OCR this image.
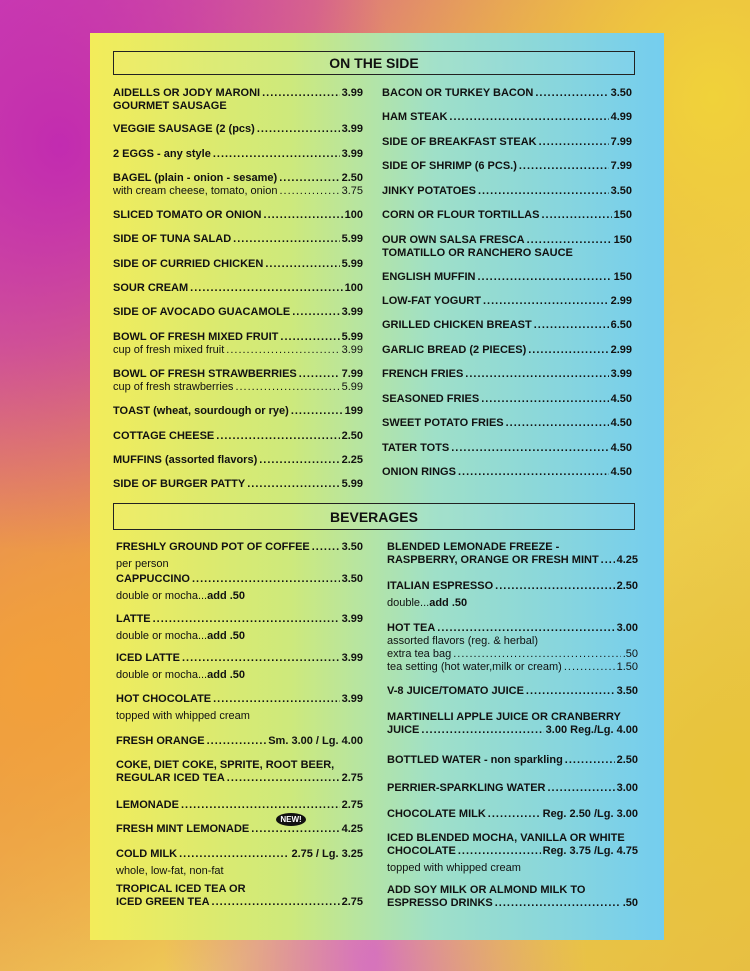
ON THE SIDE
BEVERAGES
AIDELLS OR JODY MARONI .....	3.99
GOURMET SAUSAGE
VEGGIE SAUSAGE (2 (pcs) .....	3.99
2 EGGS - any style .....	3.99
BAGEL (plain - onion - sesame) .....	2.50
with cream cheese, tomato, onion .....	3.75
SLICED TOMATO OR ONION .....	100
SIDE OF TUNA SALAD .....	5.99
SIDE OF CURRIED CHICKEN .....	5.99
SOUR CREAM .....	100
SIDE OF AVOCADO GUACAMOLE .....	3.99
BOWL OF FRESH MIXED FRUIT .....	5.99
cup of fresh mixed fruit .....	3.99
BOWL OF FRESH STRAWBERRIES .....	7.99
cup of fresh strawberries .....	5.99
TOAST (wheat, sourdough or rye) .....	199
COTTAGE CHEESE .....	2.50
MUFFINS (assorted flavors) .....	2.25
SIDE OF BURGER PATTY .....	5.99
BACON OR TURKEY BACON .....	3.50
HAM STEAK .....	4.99
SIDE OF BREAKFAST STEAK .....	7.99
SIDE OF SHRIMP (6 PCS.) .....	7.99
JINKY POTATOES .....	3.50
CORN OR FLOUR TORTILLAS .....	150
OUR OWN SALSA FRESCA .....	150
TOMATILLO OR RANCHERO SAUCE
ENGLISH MUFFIN .....	150
LOW-FAT YOGURT .....	2.99
GRILLED CHICKEN BREAST .....	6.50
GARLIC BREAD (2 PIECES) .....	2.99
FRENCH FRIES .....	3.99
SEASONED FRIES .....	4.50
SWEET POTATO FRIES .....	4.50
TATER TOTS .....	4.50
ONION RINGS .....	4.50
FRESHLY GROUND POT OF COFFEE .....	3.50
per person
CAPPUCCINO .....	3.50
double or mocha...add .50
LATTE .....	3.99
double or mocha...add .50
ICED LATTE .....	3.99
double or mocha...add .50
HOT CHOCOLATE .....	3.99
topped with whipped cream
FRESH ORANGE .....	Sm. 3.00 / Lg. 4.00
COKE, DIET COKE, SPRITE, ROOT BEER,
REGULAR ICED TEA .....	2.75
LEMONADE .....	2.75
NEW!
FRESH MINT LEMONADE .....	4.25
COLD MILK .....	2.75 / Lg. 3.25
whole, low-fat, non-fat
TROPICAL ICED TEA OR
ICED GREEN TEA .....	2.75
BLENDED LEMONADE FREEZE -
RASPBERRY, ORANGE OR FRESH MINT ..... 4.25
ITALIAN ESPRESSO .....	2.50
double...add .50
HOT TEA .....	3.00
assorted flavors (reg. & herbal)
extra tea bag .....	.50
tea setting (hot water,milk or cream) .....	1.50
V-8 JUICE/TOMATO JUICE .....	3.50
MARTINELLI APPLE JUICE OR CRANBERRY
JUICE .....	3.00 Reg./Lg. 4.00
BOTTLED WATER - non sparkling .....	2.50
PERRIER-SPARKLING WATER .....	3.00
CHOCOLATE MILK .....	Reg. 2.50 /Lg. 3.00
ICED BLENDED MOCHA, VANILLA OR WHITE
CHOCOLATE .....	Reg. 3.75 /Lg. 4.75
topped with whipped cream
ADD SOY MILK OR ALMOND MILK TO
ESPRESSO DRINKS .....	.50
